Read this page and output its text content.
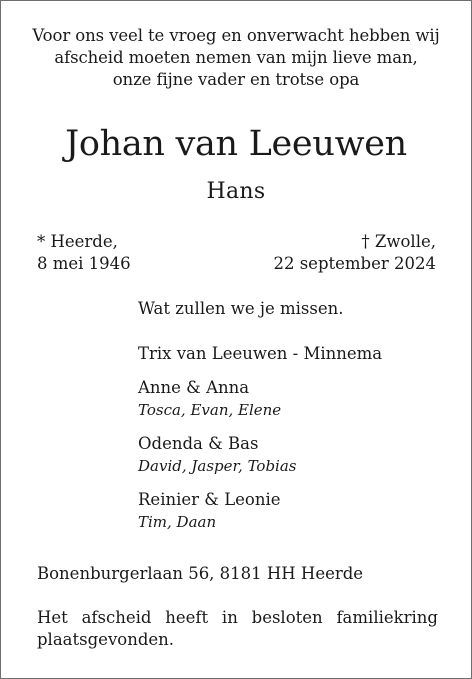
Voor ons veel te vroeg en onverwacht hebben wij
afscheid moeten nemen van mijn lieve man,
onze fijne vader en trotse opa
Johan van Leeuwen
Hans
* Heerde,
8 mei 1946
† Zwolle,
22 september 2024
Wat zullen we je missen.
Trix van Leeuwen - Minnema
Anne & Anna
Tosca, Evan, Elene
Odenda & Bas
David, Jasper, Tobias
Reinier & Leonie
Tim, Daan
Bonenburgerlaan 56, 8181 HH Heerde
Het afscheid heeft in besloten familiekring
plaatsgevonden.
